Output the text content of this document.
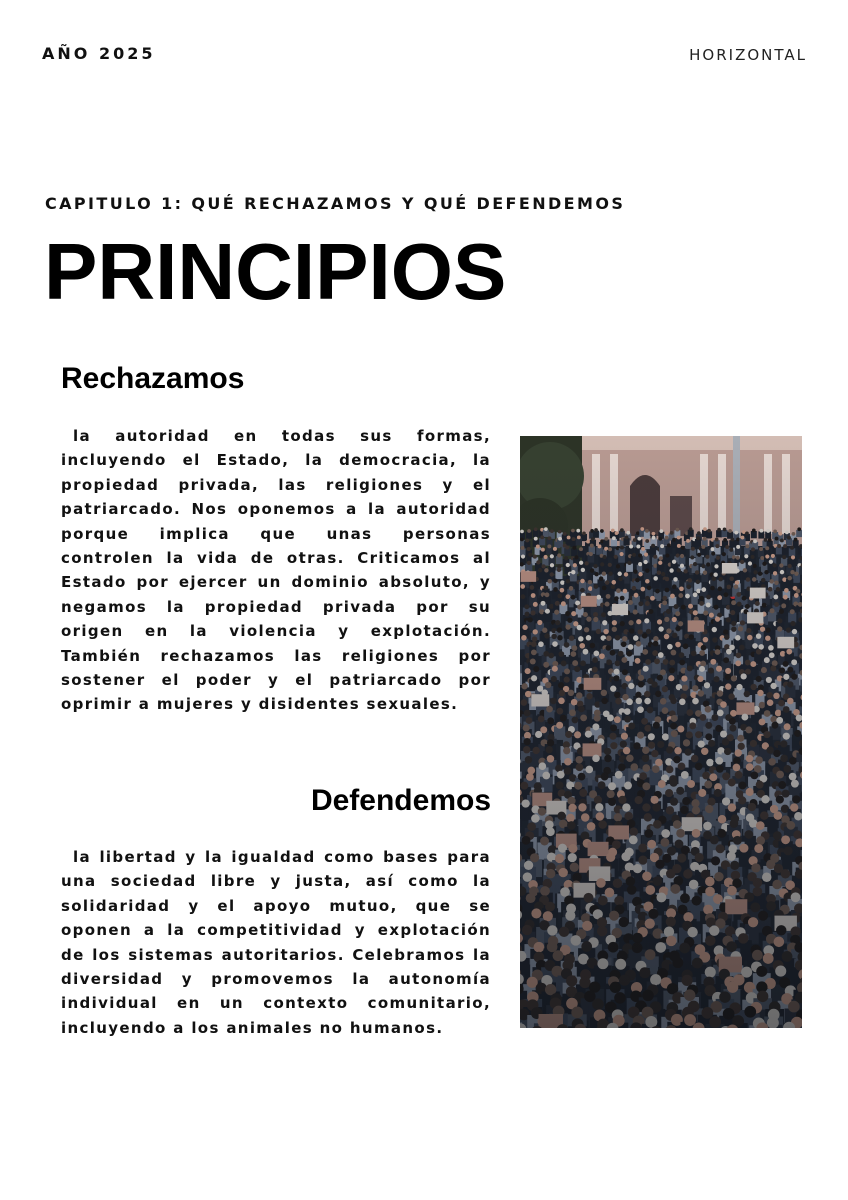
AÑO 2025	HORIZONTAL
CAPITULO 1: QUÉ RECHAZAMOS Y QUÉ DEFENDEMOS
PRINCIPIOS
Rechazamos
la autoridad en todas sus formas, incluyendo el Estado, la democracia, la propiedad privada, las religiones y el patriarcado. Nos oponemos a la autoridad porque implica que unas personas controlen la vida de otras. Criticamos al Estado por ejercer un dominio absoluto, y negamos la propiedad privada por su origen en la violencia y explotación. También rechazamos las religiones por sostener el poder y el patriarcado por oprimir a mujeres y disidentes sexuales.
Defendemos
la libertad y la igualdad como bases para una sociedad libre y justa, así como la solidaridad y el apoyo mutuo, que se oponen a la competitividad y explotación de los sistemas autoritarios. Celebramos la diversidad y promovemos la autonomía individual en un contexto comunitario, incluyendo a los animales no humanos.
